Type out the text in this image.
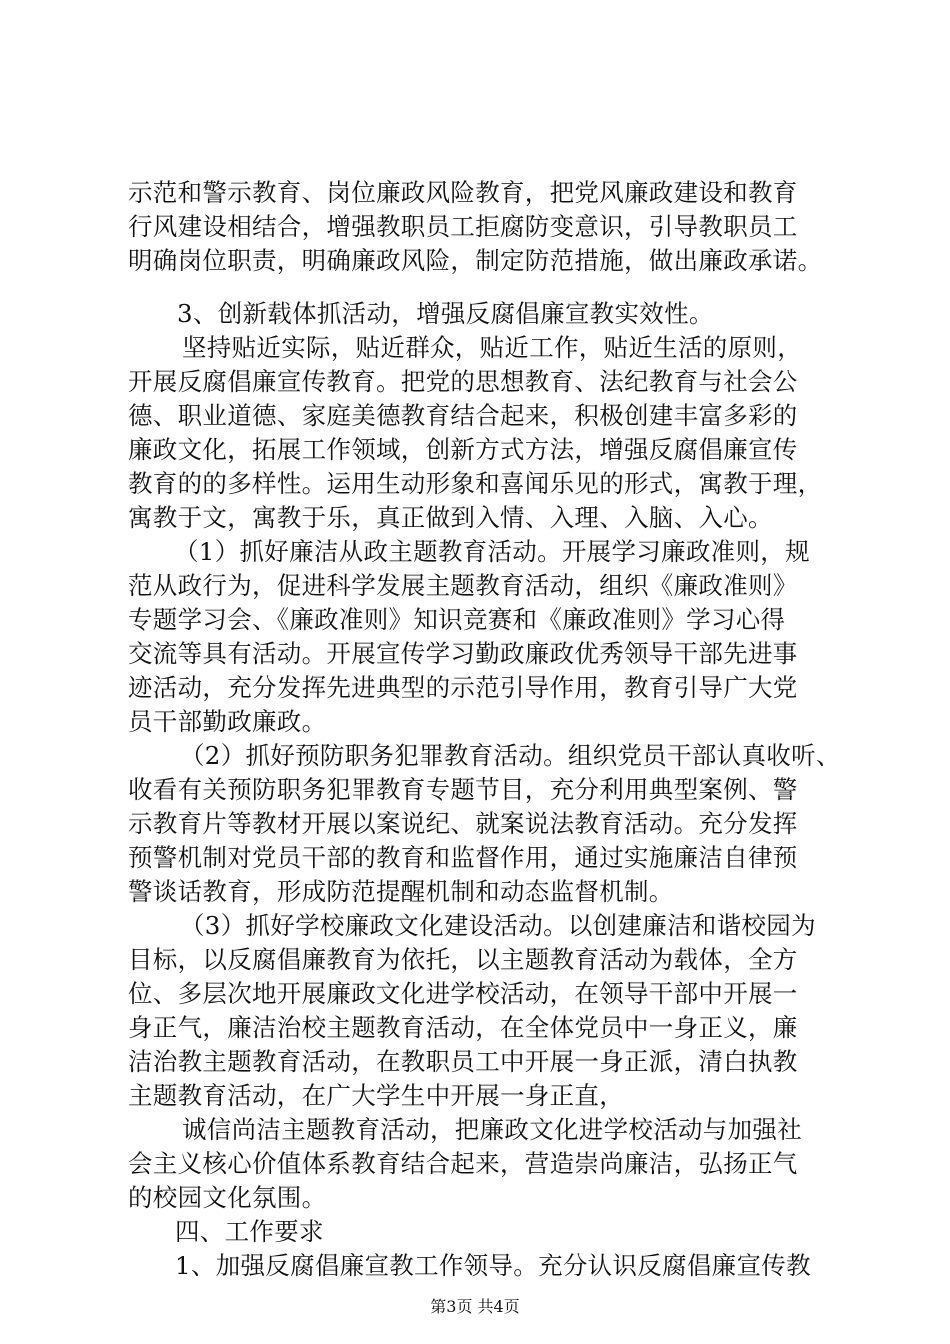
示范和警示教育、岗位廉政风险教育，把党风廉政建设和教育
行风建设相结合，增强教职员工拒腐防变意识，引导教职员工
明确岗位职责，明确廉政风险，制定防范措施，做出廉政承诺。
3、创新载体抓活动，增强反腐倡廉宣教实效性。
坚持贴近实际，贴近群众，贴近工作，贴近生活的原则，
开展反腐倡廉宣传教育。把党的思想教育、法纪教育与社会公
德、职业道德、家庭美德教育结合起来，积极创建丰富多彩的
廉政文化，拓展工作领域，创新方式方法，增强反腐倡廉宣传
教育的的多样性。运用生动形象和喜闻乐见的形式，寓教于理，
寓教于文，寓教于乐，真正做到入情、入理、入脑、入心。
（1）抓好廉洁从政主题教育活动。开展学习廉政准则，规
范从政行为，促进科学发展主题教育活动，组织《廉政准则》
专题学习会、《廉政准则》知识竞赛和《廉政准则》学习心得
交流等具有活动。开展宣传学习勤政廉政优秀领导干部先进事
迹活动，充分发挥先进典型的示范引导作用，教育引导广大党
员干部勤政廉政。
（2）抓好预防职务犯罪教育活动。组织党员干部认真收听、
收看有关预防职务犯罪教育专题节目，充分利用典型案例、警
示教育片等教材开展以案说纪、就案说法教育活动。充分发挥
预警机制对党员干部的教育和监督作用，通过实施廉洁自律预
警谈话教育，形成防范提醒机制和动态监督机制。
（3）抓好学校廉政文化建设活动。以创建廉洁和谐校园为
目标，以反腐倡廉教育为依托，以主题教育活动为载体，全方
位、多层次地开展廉政文化进学校活动，在领导干部中开展一
身正气，廉洁治校主题教育活动，在全体党员中一身正义，廉
洁治教主题教育活动，在教职员工中开展一身正派，清白执教
主题教育活动，在广大学生中开展一身正直，
诚信尚洁主题教育活动，把廉政文化进学校活动与加强社
会主义核心价值体系教育结合起来，营造崇尚廉洁，弘扬正气
的校园文化氛围。
四、工作要求
1、加强反腐倡廉宣教工作领导。充分认识反腐倡廉宣传教
第3页 共4页
